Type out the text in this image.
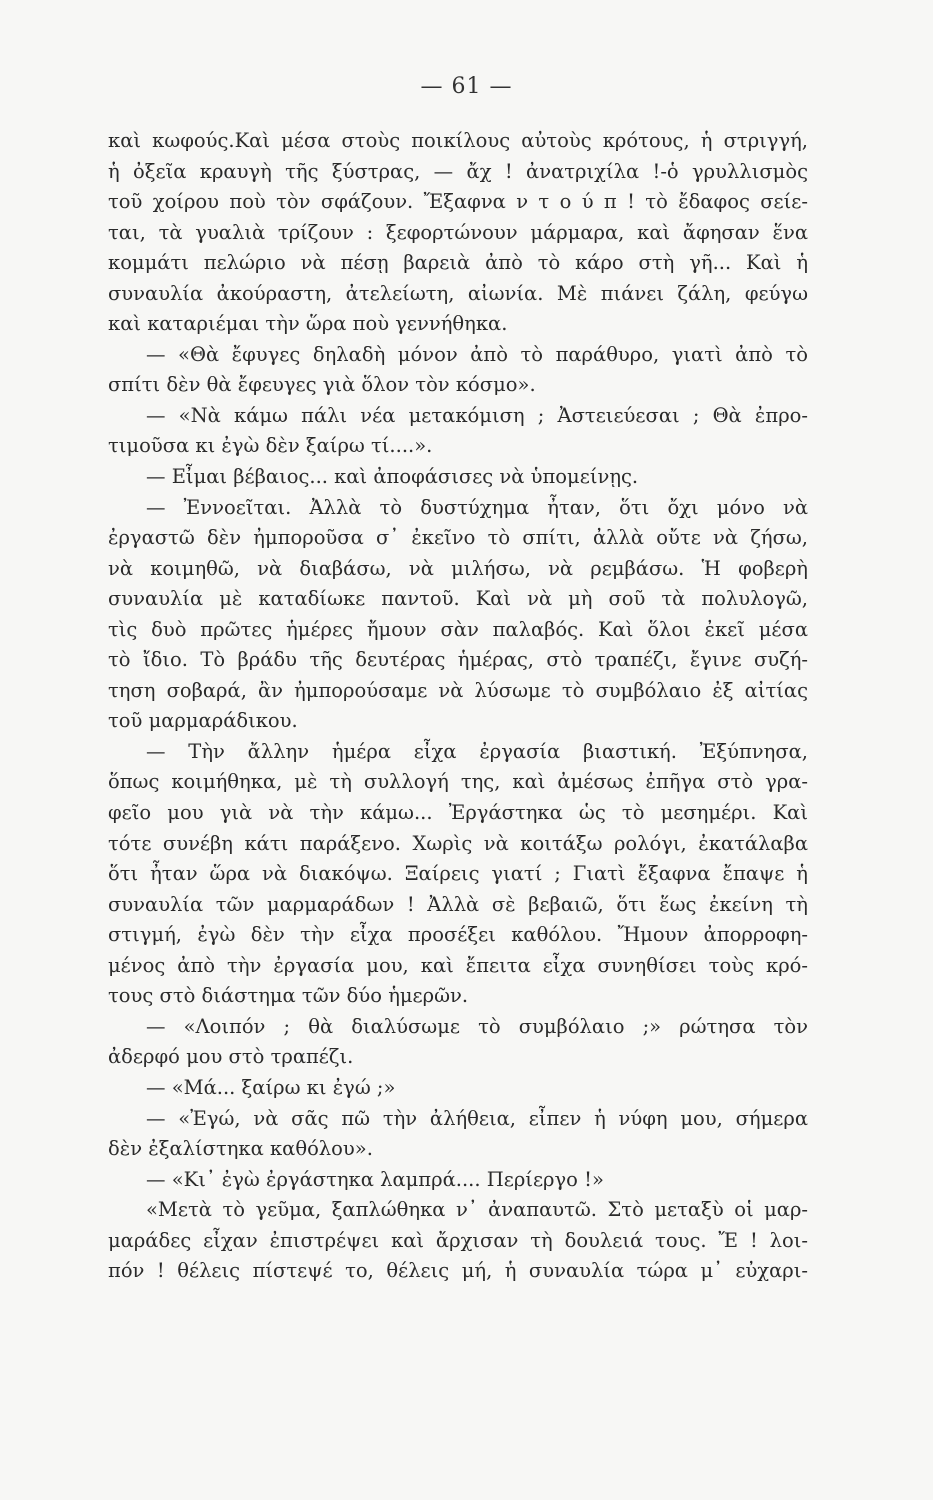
— 61 —
καὶ κωφούς.Καὶ μέσα στοὺς ποικίλους αὐτοὺς κρότους, ἡ στριγγή,
ἡ ὀξεῖα κραυγὴ τῆς ξύστρας, — ἄχ ! ἀνατριχίλα !-ὁ γρυλλισμὸς
τοῦ χοίρου ποὺ τὸν σφάζουν. Ἔξαφνα ν τ ο ύ π ! τὸ ἔδαφος σείε-
ται, τὰ γυαλιὰ τρίζουν : ξεφορτώνουν μάρμαρα, καὶ ἄφησαν ἕνα
κομμάτι πελώριο νὰ πέσῃ βαρειὰ ἀπὸ τὸ κάρο στὴ γῆ... Καὶ ἡ
συναυλία ἀκούραστη, ἀτελείωτη, αἰωνία. Μὲ πιάνει ζάλη, φεύγω
καὶ καταριέμαι τὴν ὥρα ποὺ γεννήθηκα.
— «Θὰ ἔφυγες δηλαδὴ μόνον ἀπὸ τὸ παράθυρο, γιατὶ ἀπὸ τὸ
σπίτι δὲν θὰ ἔφευγες γιὰ ὅλον τὸν κόσμο».
— «Νὰ κάμω πάλι νέα μετακόμιση ; Ἀστειεύεσαι ; Θὰ ἐπρο-
τιμοῦσα κι ἐγὼ δὲν ξαίρω τί....».
— Εἶμαι βέβαιος... καὶ ἀποφάσισες νὰ ὑπομείνῃς.
— Ἐννοεῖται. Ἀλλὰ τὸ δυστύχημα ἦταν, ὅτι ὄχι μόνο νὰ
ἐργαστῶ δὲν ἠμποροῦσα σ᾽ ἐκεῖνο τὸ σπίτι, ἀλλὰ οὔτε νὰ ζήσω,
νὰ κοιμηθῶ, νὰ διαβάσω, νὰ μιλήσω, νὰ ρεμβάσω. Ἡ φοβερὴ
συναυλία μὲ καταδίωκε παντοῦ. Καὶ νὰ μὴ σοῦ τὰ πολυλογῶ,
τὶς δυὸ πρῶτες ἡμέρες ἤμουν σὰν παλαβός. Καὶ ὅλοι ἐκεῖ μέσα
τὸ ἴδιο. Τὸ βράδυ τῆς δευτέρας ἡμέρας, στὸ τραπέζι, ἔγινε συζή-
τηση σοβαρά, ἂν ἠμπορούσαμε νὰ λύσωμε τὸ συμβόλαιο ἐξ αἰτίας
τοῦ μαρμαράδικου.
— Τὴν ἄλλην ἡμέρα εἶχα ἐργασία βιαστική. Ἐξύπνησα,
ὅπως κοιμήθηκα, μὲ τὴ συλλογή της, καὶ ἀμέσως ἐπῆγα στὸ γρα-
φεῖο μου γιὰ νὰ τὴν κάμω... Ἐργάστηκα ὡς τὸ μεσημέρι. Καὶ
τότε συνέβη κάτι παράξενο. Χωρὶς νὰ κοιτάξω ρολόγι, ἐκατάλαβα
ὅτι ἦταν ὥρα νὰ διακόψω. Ξαίρεις γιατί ; Γιατὶ ἔξαφνα ἔπαψε ἡ
συναυλία τῶν μαρμαράδων ! Ἀλλὰ σὲ βεβαιῶ, ὅτι ἕως ἐκείνη τὴ
στιγμή, ἐγὼ δὲν τὴν εἶχα προσέξει καθόλου. Ἤμουν ἀπορροφη-
μένος ἀπὸ τὴν ἐργασία μου, καὶ ἔπειτα εἶχα συνηθίσει τοὺς κρό-
τους στὸ διάστημα τῶν δύο ἡμερῶν.
— «Λοιπόν ; θὰ διαλύσωμε τὸ συμβόλαιο ;» ρώτησα τὸν
ἀδερφό μου στὸ τραπέζι.
— «Μά... ξαίρω κι ἐγώ ;»
— «Ἐγώ, νὰ σᾶς πῶ τὴν ἀλήθεια, εἶπεν ἡ νύφη μου, σήμερα
δὲν ἐξαλίστηκα καθόλου».
— «Κι᾽ ἐγὼ ἐργάστηκα λαμπρά.... Περίεργο !»
«Μετὰ τὸ γεῦμα, ξαπλώθηκα ν᾽ ἀναπαυτῶ. Στὸ μεταξὺ οἱ μαρ-
μαράδες εἶχαν ἐπιστρέψει καὶ ἄρχισαν τὴ δουλειά τους. Ἔ ! λοι-
πόν ! θέλεις πίστεψέ το, θέλεις μή, ἡ συναυλία τώρα μ᾽ εὐχαρι-
